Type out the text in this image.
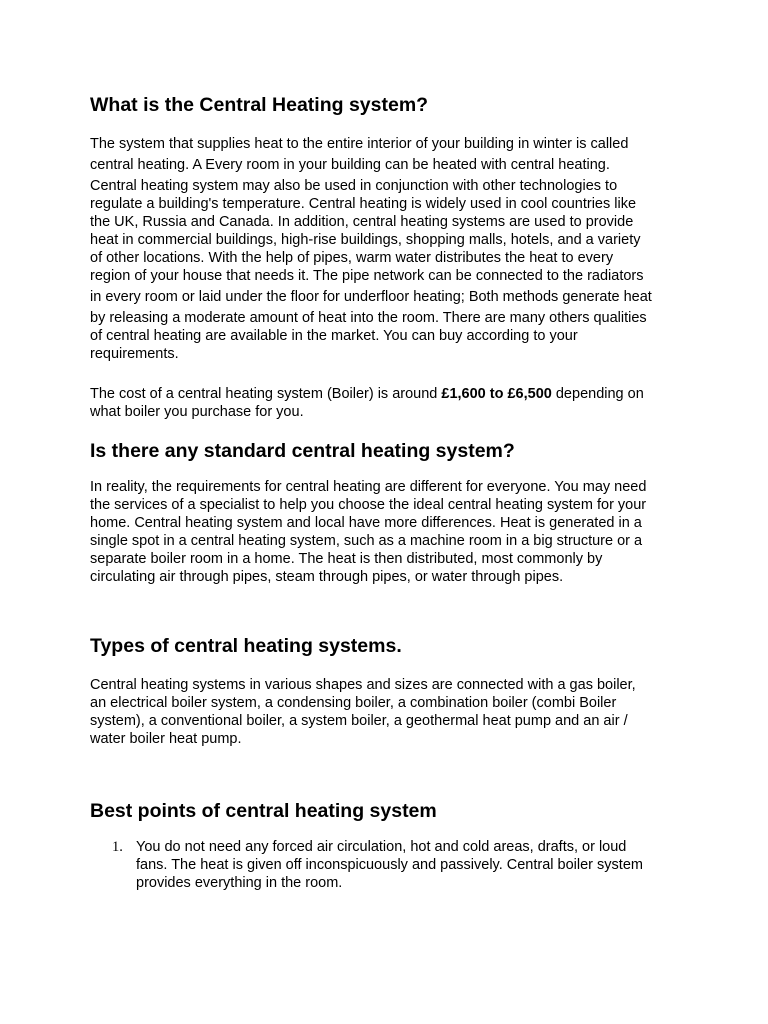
What is the Central Heating system?

The system that supplies heat to the entire interior of your building in winter is called
central heating. A Every room in your building can be heated with central heating.
Central heating system may also be used in conjunction with other technologies to
regulate a building's temperature. Central heating is widely used in cool countries like
the UK, Russia and Canada. In addition, central heating systems are used to provide
heat in commercial buildings, high-rise buildings, shopping malls, hotels, and a variety
of other locations. With the help of pipes, warm water distributes the heat to every
region of your house that needs it. The pipe network can be connected to the radiators
in every room or laid under the floor for underfloor heating; Both methods generate heat
by releasing a moderate amount of heat into the room. There are many others qualities
of central heating are available in the market. You can buy according to your
requirements.

The cost of a central heating system (Boiler) is around £1,600 to £6,500 depending on
what boiler you purchase for you.

Is there any standard central heating system?

In reality, the requirements for central heating are different for everyone. You may need
the services of a specialist to help you choose the ideal central heating system for your
home. Central heating system and local have more differences. Heat is generated in a
single spot in a central heating system, such as a machine room in a big structure or a
separate boiler room in a home. The heat is then distributed, most commonly by
circulating air through pipes, steam through pipes, or water through pipes.

Types of central heating systems.

Central heating systems in various shapes and sizes are connected with a gas boiler,
an electrical boiler system, a condensing boiler, a combination boiler (combi Boiler
system), a conventional boiler, a system boiler, a geothermal heat pump and an air /
water boiler heat pump.

Best points of central heating system
1. You do not need any forced air circulation, hot and cold areas, drafts, or loud
fans. The heat is given off inconspicuously and passively. Central boiler system
provides everything in the room.
